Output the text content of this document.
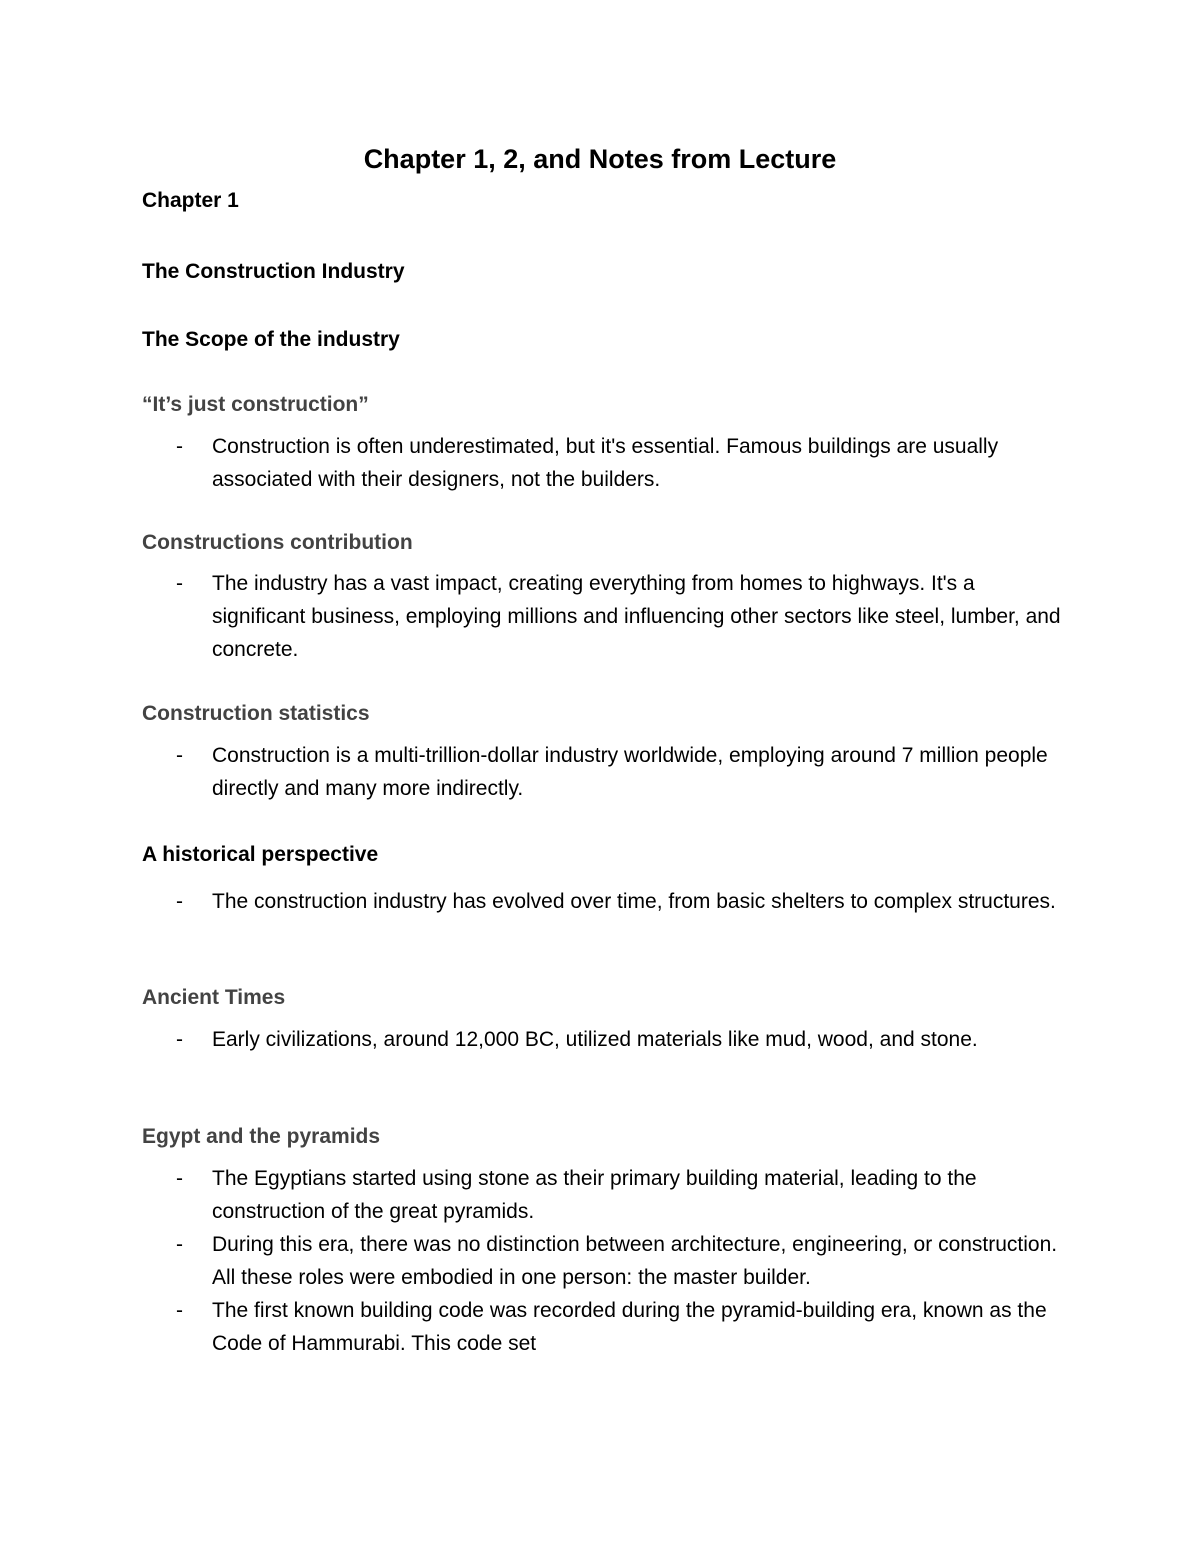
Chapter 1, 2, and Notes from Lecture
Chapter 1
The Construction Industry
The Scope of the industry
“It’s just construction”
- Construction is often underestimated, but it's essential. Famous buildings are usually associated with their designers, not the builders.
Constructions contribution
- The industry has a vast impact, creating everything from homes to highways. It's a significant business, employing millions and influencing other sectors like steel, lumber, and concrete.
Construction statistics
- Construction is a multi-trillion-dollar industry worldwide, employing around 7 million people directly and many more indirectly.
A historical perspective
- The construction industry has evolved over time, from basic shelters to complex structures.
Ancient Times
- Early civilizations, around 12,000 BC, utilized materials like mud, wood, and stone.
Egypt and the pyramids
- The Egyptians started using stone as their primary building material, leading to the construction of the great pyramids.
- During this era, there was no distinction between architecture, engineering, or construction. All these roles were embodied in one person: the master builder.
- The first known building code was recorded during the pyramid-building era, known as the Code of Hammurabi. This code set
